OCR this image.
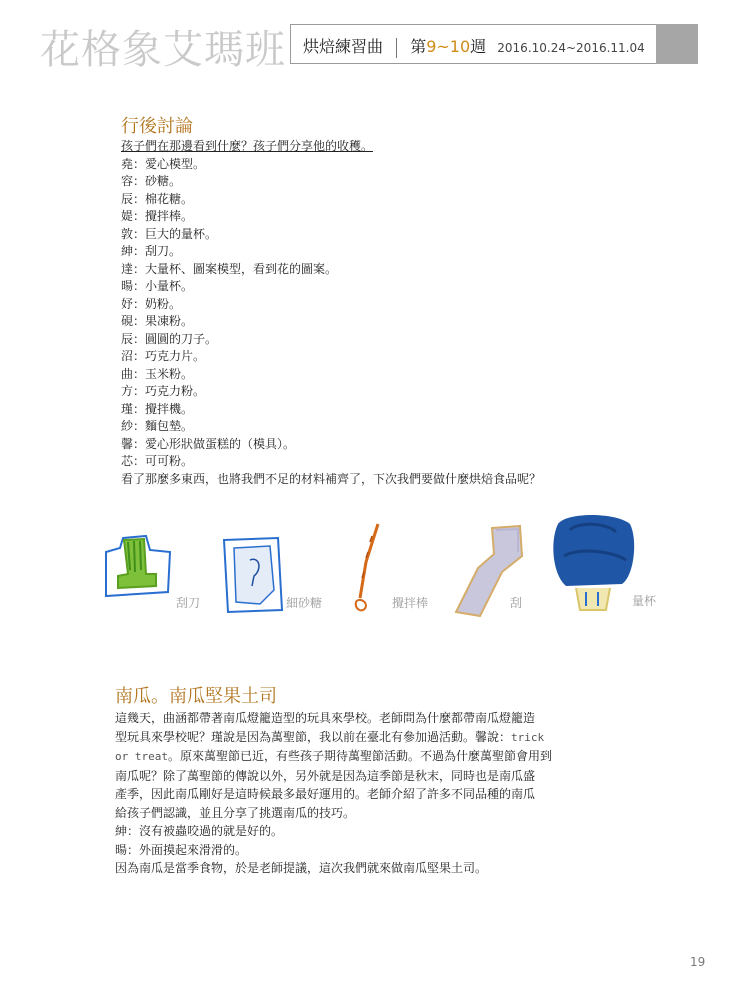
花格象艾瑪班 烘焙練習曲 第9~10週 2016.10.24~2016.11.04
行後討論
孩子們在那邊看到什麼？孩子們分享他的收穫。
堯：愛心模型。
容：砂糖。
辰：棉花糖。
媞：攪拌棒。
敦：巨大的量杯。
紳：刮刀。
達：大量杯、圖案模型，看到花的圖案。
暘：小量杯。
妤：奶粉。
硯：果凍粉。
辰：圓圓的刀子。
沼：巧克力片。
曲：玉米粉。
方：巧克力粉。
瑾：攪拌機。
紗：麵包墊。
馨：愛心形狀做蛋糕的（模具）。
芯：可可粉。
看了那麼多東西，也將我們不足的材料補齊了，下次我們要做什麼烘焙食品呢？
刮刀	細砂糖	攪拌棒	刮	量杯
南瓜。南瓜堅果土司

這幾天，曲涵都帶著南瓜燈籠造型的玩具來學校。老師問為什麼都帶南瓜燈籠造

型玩具來學校呢？瑾說是因為萬聖節，我以前在臺北有參加過活動。馨說：trick

or treat。原來萬聖節已近，有些孩子期待萬聖節活動。不過為什麼萬聖節會用到

南瓜呢？除了萬聖節的傳說以外，另外就是因為這季節是秋末，同時也是南瓜盛

產季，因此南瓜剛好是這時候最多最好運用的。老師介紹了許多不同品種的南瓜

給孩子們認識，並且分享了挑選南瓜的技巧。

紳：沒有被蟲咬過的就是好的。

暘：外面摸起來滑滑的。

因為南瓜是當季食物，於是老師提議，這次我們就來做南瓜堅果土司。

19
